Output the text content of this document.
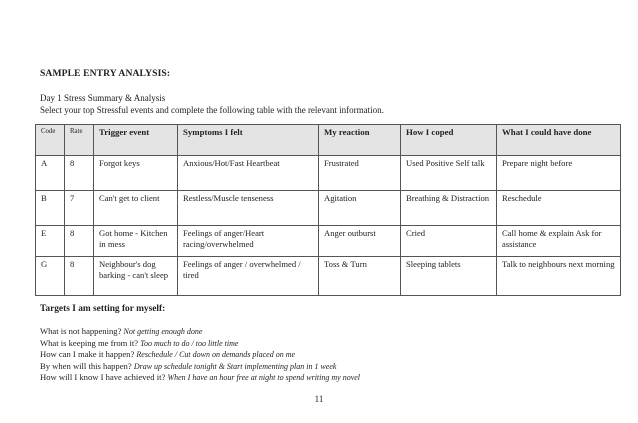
SAMPLE ENTRY ANALYSIS:
Day 1 Stress Summary & Analysis
Select your top Stressful events and complete the following table with the relevant information.
Code	Rate	Trigger event	Symptoms I felt	My reaction	How I coped	What I could have done
A	8	Forgot keys	Anxious/Hot/Fast Heartbeat	Frustrated	Used Positive Self talk	Prepare night before
B	7	Can't get to client	Restless/Muscle tenseness	Agitation	Breathing & Distraction	Reschedule
E	8	Got home - Kitchen in mess	Feelings of anger/Heart racing/overwhelmed	Anger outburst	Cried	Call home & explain Ask for assistance
G	8	Neighbour's dog barking - can't sleep	Feelings of anger / overwhelmed / tired	Toss & Turn	Sleeping tablets	Talk to neighbours next morning
Targets I am setting for myself:
What is not happening? Not getting enough done
What is keeping me from it? Too much to do / too little time
How can I make it happen? Reschedule / Cut down on demands placed on me
By when will this happen? Draw up schedule tonight & Start implementing plan in 1 week
How will I know I have achieved it? When I have an hour free at night to spend writing my novel
11
